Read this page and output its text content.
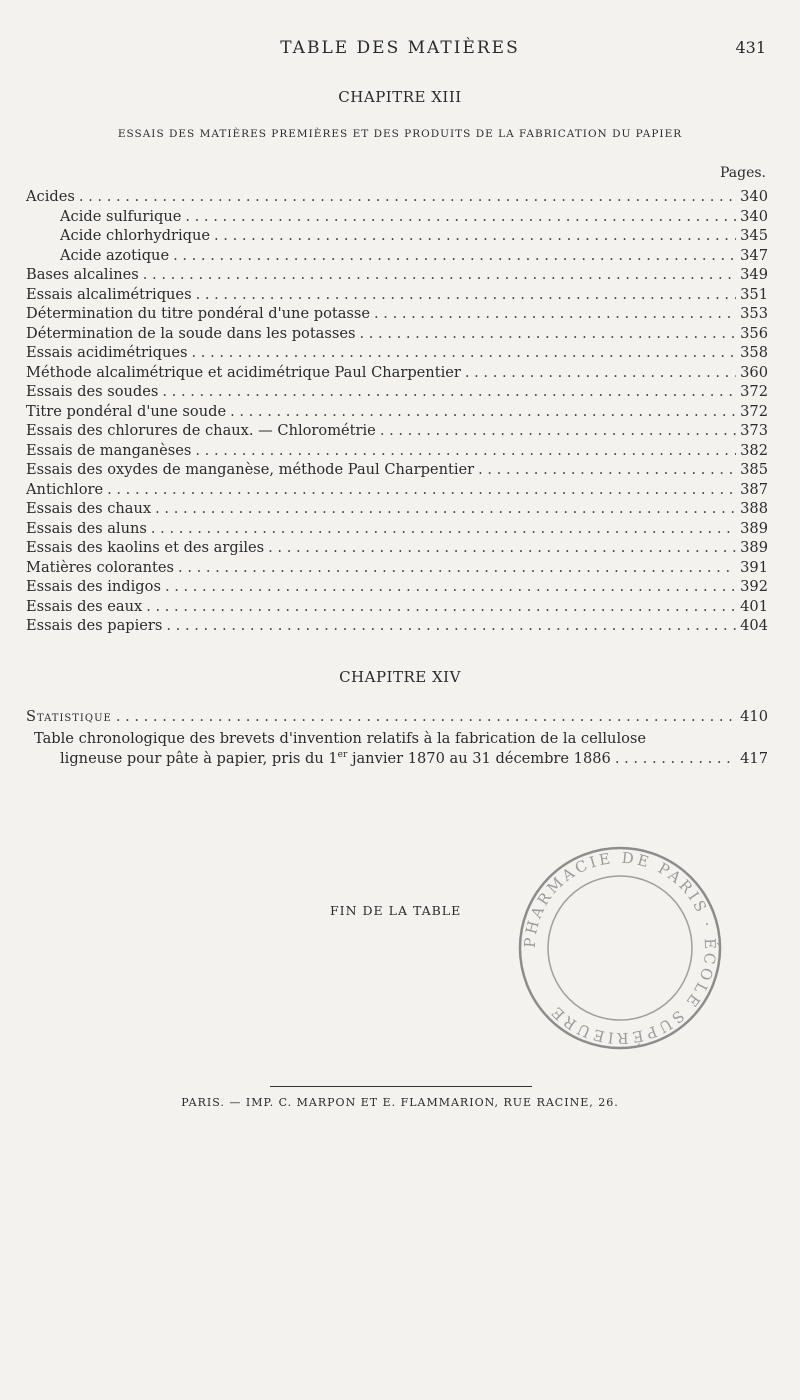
TABLE DES MATIÈRES	431
CHAPITRE XIII
ESSAIS DES MATIÈRES PREMIÈRES ET DES PRODUITS DE LA FABRICATION DU PAPIER
Pages.
Acides . . .	340
Acide sulfurique . . .	340
Acide chlorhydrique . . .	345
Acide azotique . . .	347
Bases alcalines . . .	349
Essais alcalimétriques . . .	351
Détermination du titre pondéral d'une potasse . . .	353
Détermination de la soude dans les potasses . . .	356
Essais acidimétriques . . .	358
Méthode alcalimétrique et acidimétrique Paul Charpentier . . .	360
Essais des soudes . . .	372
Titre pondéral d'une soude . . .	372
Essais des chlorures de chaux. — Chlorométrie . . .	373
Essais de manganèses . . .	382
Essais des oxydes de manganèse, méthode Paul Charpentier . . .	385
Antichlore . . .	387
Essais des chaux . . .	388
Essais des aluns . . .	389
Essais des kaolins et des argiles . . .	389
Matières colorantes . . .	391
Essais des indigos . . .	392
Essais des eaux . . .	401
Essais des papiers . . .	404
CHAPITRE XIV
Statistique . . .	410
Table chronologique des brevets d'invention relatifs à la fabrication de la cellulose
ligneuse pour pâte à papier, pris du 1er janvier 1870 au 31 décembre 1886 . . .	417
FIN DE LA TABLE
PHARMACIE DE PARIS · ÉCOLE SUPÉRIEURE
PARIS. — IMP. C. MARPON ET E. FLAMMARION, RUE RACINE, 26.
